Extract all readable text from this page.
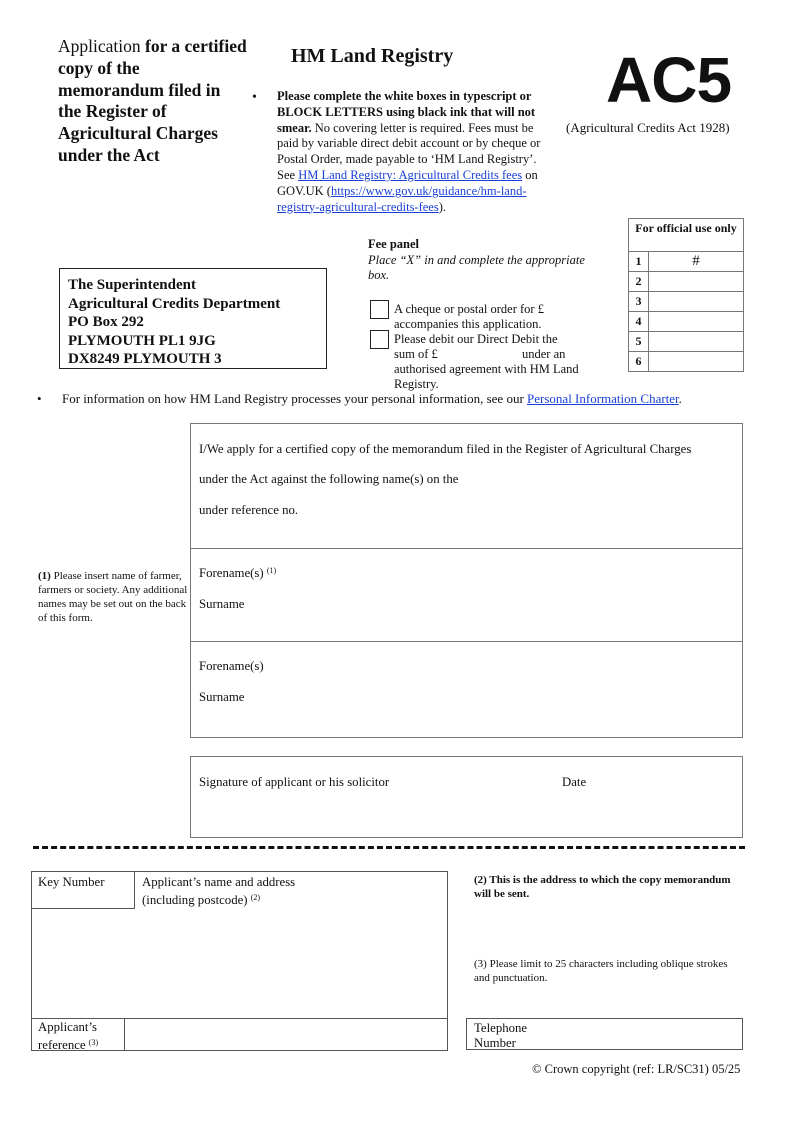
Application for a certified copy of the memorandum filed in the Register of Agricultural Charges under the Act
HM Land Registry AC5
(Agricultural Credits Act 1928)
• Please complete the white boxes in typescript or BLOCK LETTERS using black ink that will not smear. No covering letter is required. Fees must be paid by variable direct debit account or by cheque or Postal Order, made payable to ‘HM Land Registry’. See HM Land Registry: Agricultural Credits fees on GOV.UK (https://www.gov.uk/guidance/hm-land-registry-agricultural-credits-fees).
For official use only
1	#
2
3
4
5
6
Fee panel
Place “X” in and complete the appropriate box.
A cheque or postal order for £ accompanies this application.
Please debit our Direct Debit the
sum of £	under an
authorised agreement with HM Land Registry.
The Superintendent
Agricultural Credits Department
PO Box 292
PLYMOUTH PL1 9JG
DX8249 PLYMOUTH 3
• For information on how HM Land Registry processes your personal information, see our Personal Information Charter.
I/We apply for a certified copy of the memorandum filed in the Register of Agricultural Charges
under the Act against the following name(s) on the
under reference no.
(1) Please insert name of farmer, farmers or society. Any additional names may be set out on the back of this form.
Forename(s) $^{(1)}$
Surname
Forename(s)
Surname
Signature of applicant or his solicitor	Date
Key Number	Applicant’s name and address (including postcode) $^{(2)}$
Applicant’s reference $^{(3)}$
(2) This is the address to which the copy memorandum will be sent.
(3) Please limit to 25 characters including oblique strokes and punctuation.
Telephone Number
© Crown copyright (ref: LR/SC31) 05/25
